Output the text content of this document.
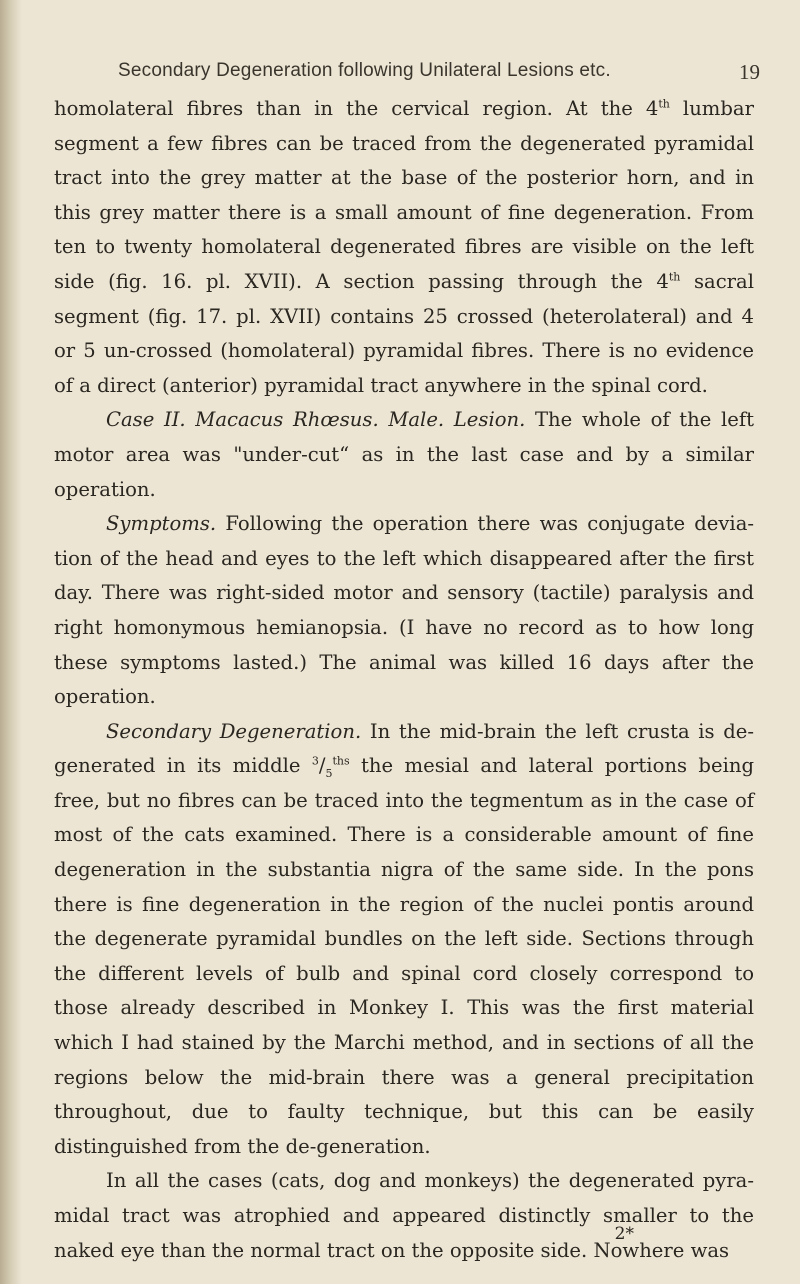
Secondary Degeneration following Unilateral Lesions etc.	19

homolateral fibres than in the cervical region. At the 4th lumbar segment a few fibres can be traced from the degenerated pyramidal tract into the grey matter at the base of the posterior horn, and in this grey matter there is a small amount of fine degeneration. From ten to twenty homolateral degenerated fibres are visible on the left side (fig. 16. pl. XVII). A section passing through the 4th sacral segment (fig. 17. pl. XVII) contains 25 crossed (heterolateral) and 4 or 5 un-crossed (homolateral) pyramidal fibres. There is no evidence of a direct (anterior) pyramidal tract anywhere in the spinal cord.

Case II. Macacus Rhœsus. Male. Lesion. The whole of the left motor area was "under-cut“ as in the last case and by a similar operation.

Symptoms. Following the operation there was conjugate devia-tion of the head and eyes to the left which disappeared after the first day. There was right-sided motor and sensory (tactile) paralysis and right homonymous hemianopsia. (I have no record as to how long these symptoms lasted.) The animal was killed 16 days after the operation.

Secondary Degeneration. In the mid-brain the left crusta is de-generated in its middle $^3/_5^{ths}$ the mesial and lateral portions being free, but no fibres can be traced into the tegmentum as in the case of most of the cats examined. There is a considerable amount of fine degeneration in the substantia nigra of the same side. In the pons there is fine degeneration in the region of the nuclei pontis around the degenerate pyramidal bundles on the left side. Sections through the different levels of bulb and spinal cord closely correspond to those already described in Monkey I. This was the first material which I had stained by the Marchi method, and in sections of all the regions below the mid-brain there was a general precipitation throughout, due to faulty technique, but this can be easily distinguished from the de-generation.

In all the cases (cats, dog and monkeys) the degenerated pyra-midal tract was atrophied and appeared distinctly smaller to the naked eye than the normal tract on the opposite side. Nowhere was

2*
